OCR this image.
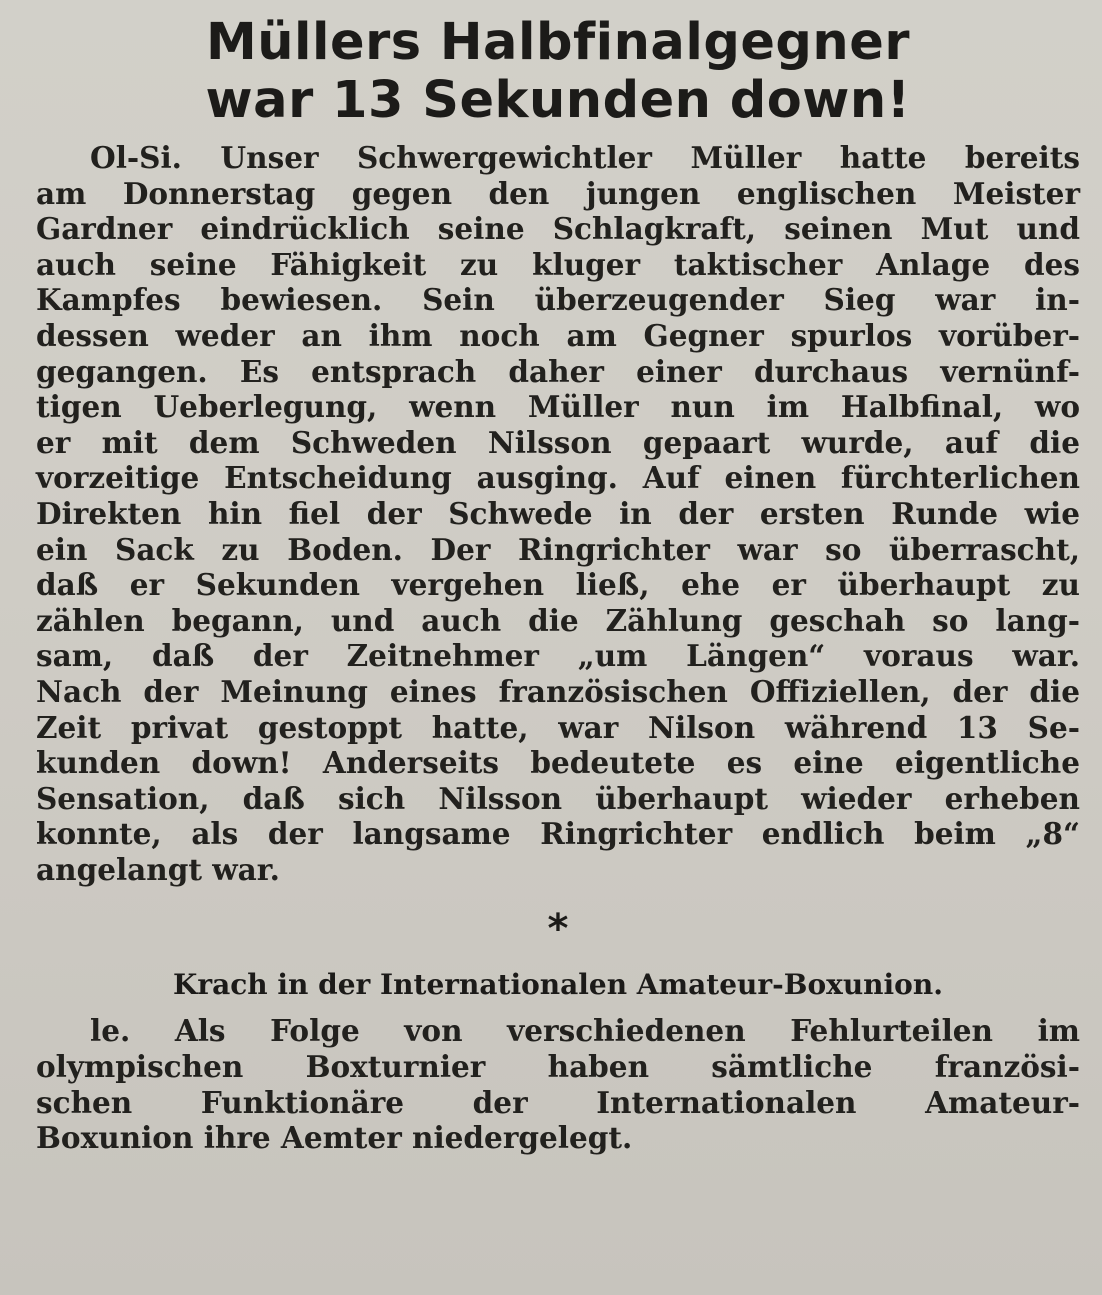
Müllers Halbfinalgegner
war 13 Sekunden down!
Ol-Si. Unser Schwergewichtler Müller hatte bereits
am Donnerstag gegen den jungen englischen Meister
Gardner eindrücklich seine Schlagkraft, seinen Mut und
auch seine Fähigkeit zu kluger taktischer Anlage des
Kampfes bewiesen. Sein überzeugender Sieg war in-
dessen weder an ihm noch am Gegner spurlos vorüber-
gegangen. Es entsprach daher einer durchaus vernünf-
tigen Ueberlegung, wenn Müller nun im Halbfinal, wo
er mit dem Schweden Nilsson gepaart wurde, auf die
vorzeitige Entscheidung ausging. Auf einen fürchterlichen
Direkten hin fiel der Schwede in der ersten Runde wie
ein Sack zu Boden. Der Ringrichter war so überrascht,
daß er Sekunden vergehen ließ, ehe er überhaupt zu
zählen begann, und auch die Zählung geschah so lang-
sam, daß der Zeitnehmer „um Längen“ voraus war.
Nach der Meinung eines französischen Offiziellen, der die
Zeit privat gestoppt hatte, war Nilson während 13 Se-
kunden down! Anderseits bedeutete es eine eigentliche
Sensation, daß sich Nilsson überhaupt wieder erheben
konnte, als der langsame Ringrichter endlich beim „8“
angelangt war.
*
Krach in der Internationalen Amateur-Boxunion.
le. Als Folge von verschiedenen Fehlurteilen im
olympischen Boxturnier haben sämtliche französi-
schen Funktionäre der Internationalen Amateur-
Boxunion ihre Aemter niedergelegt.
